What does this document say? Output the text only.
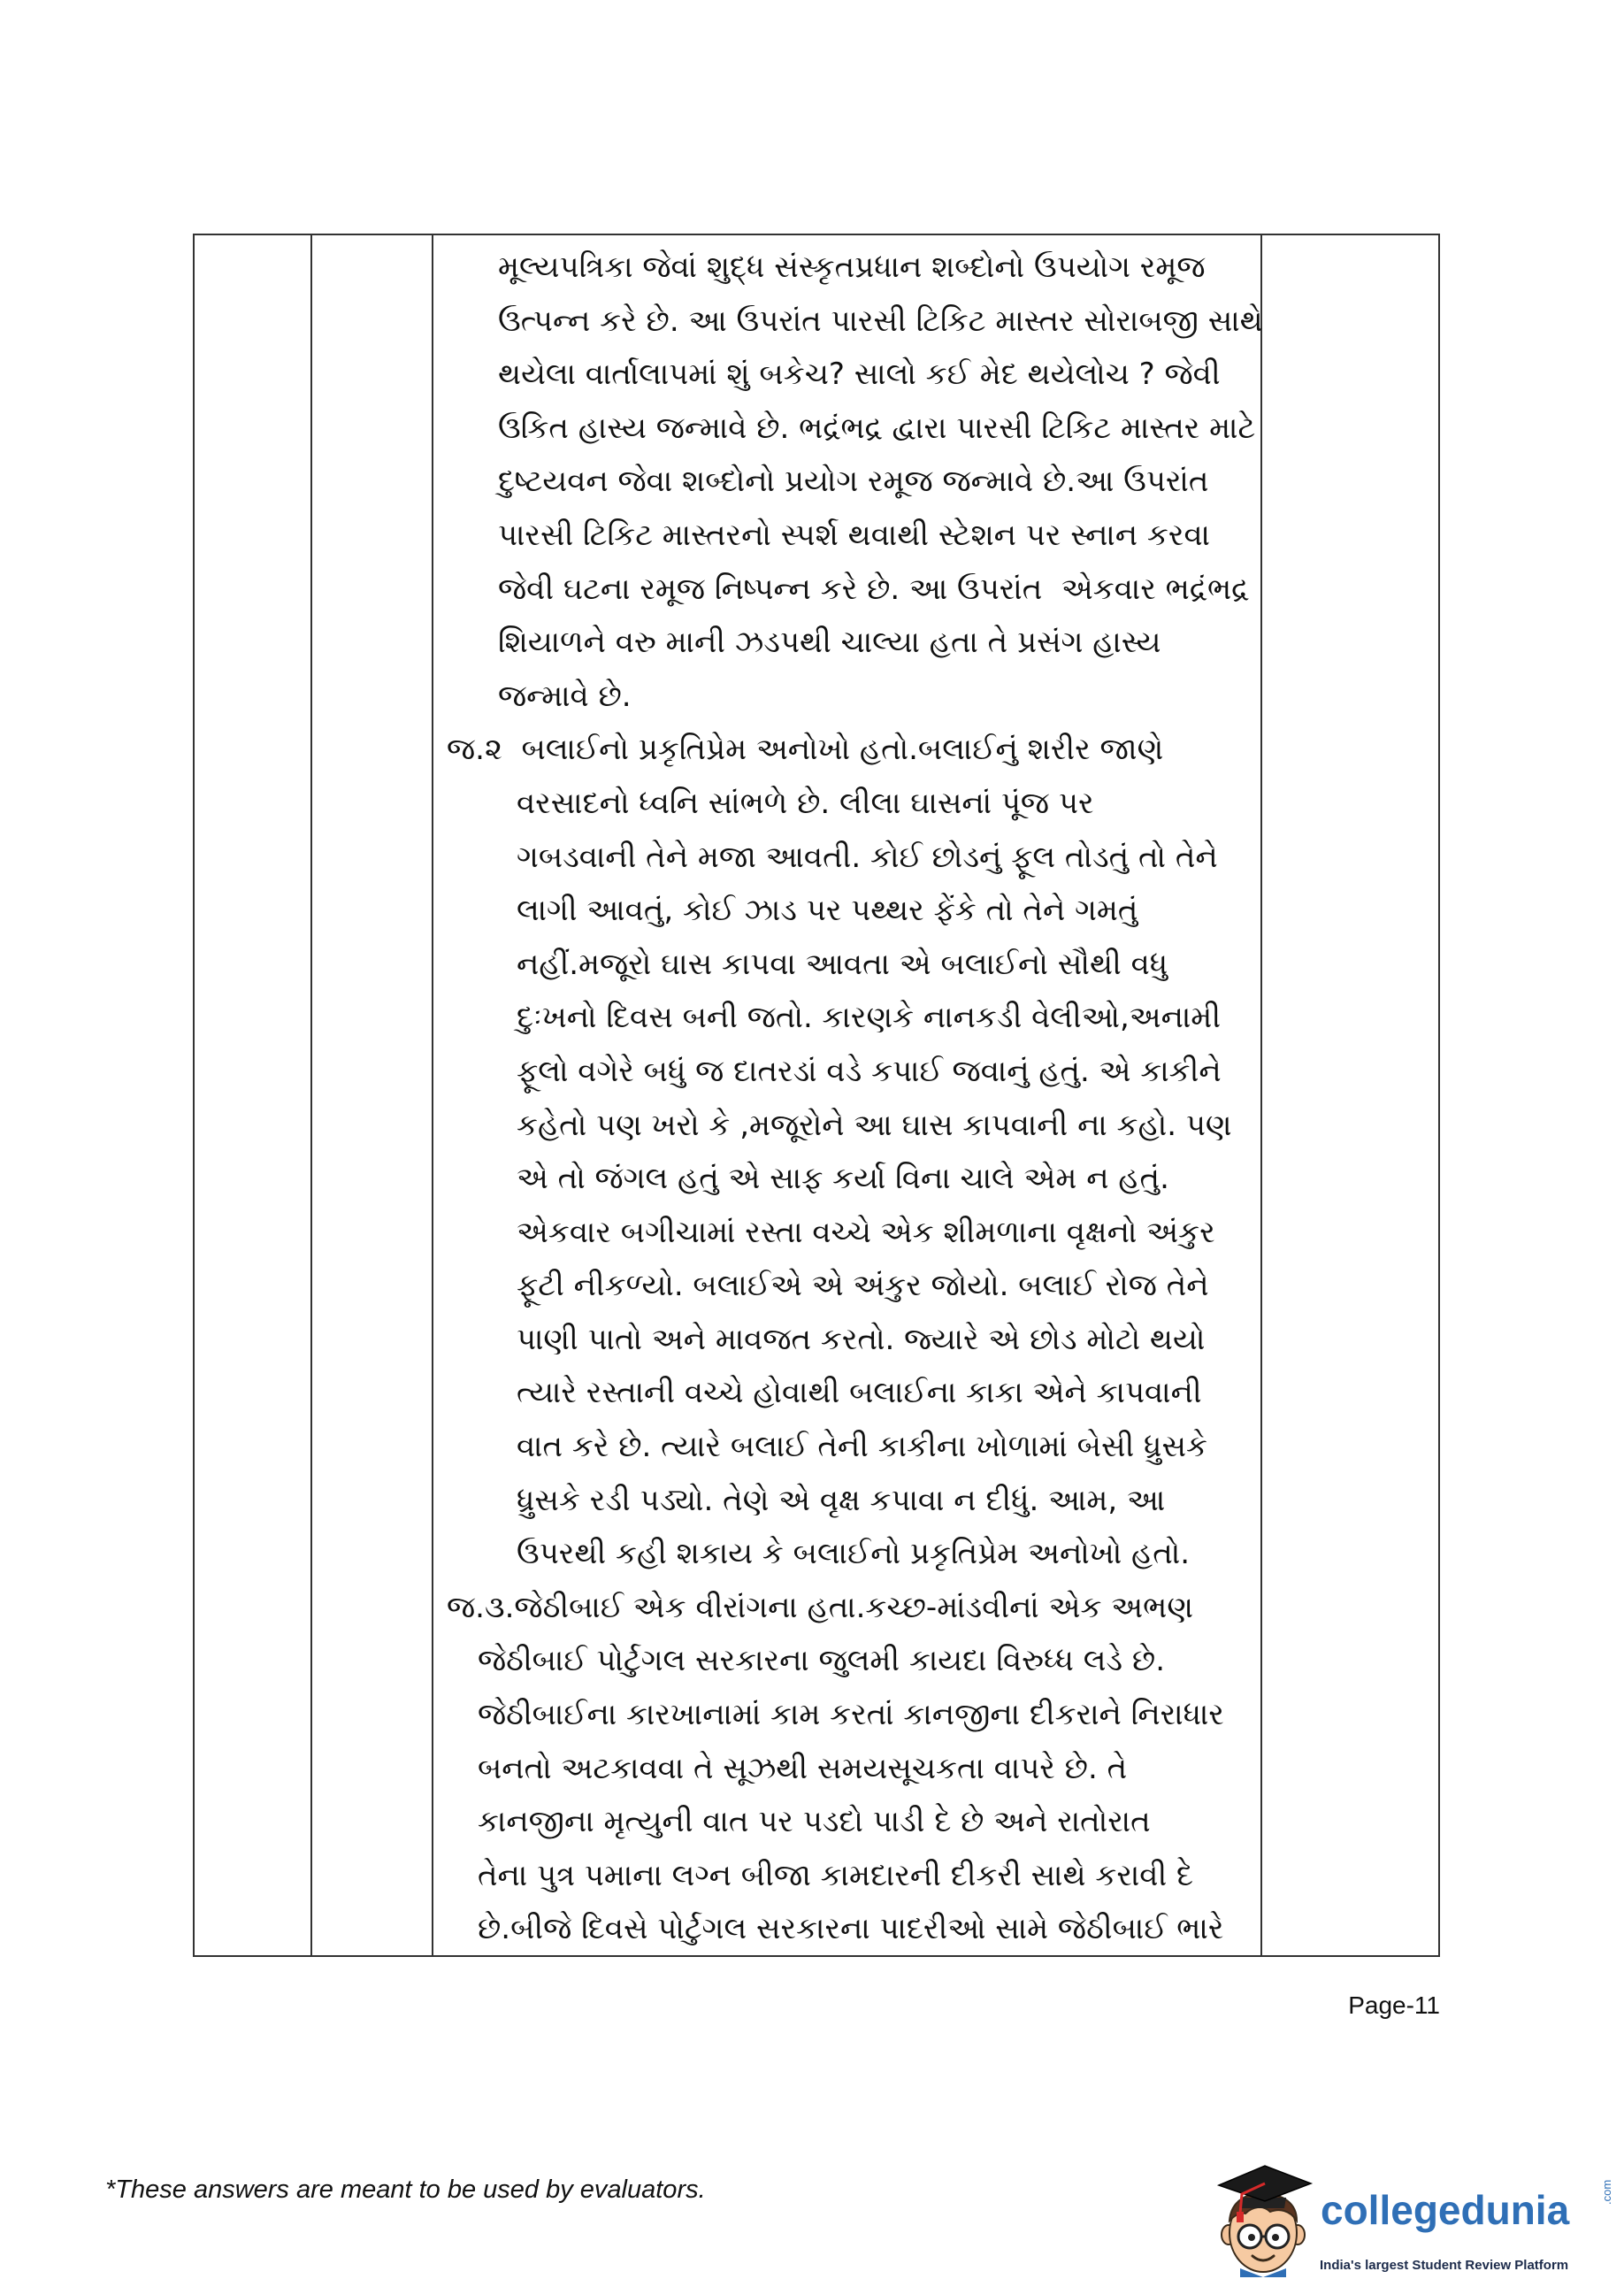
મૂલ્યપત્રિકા જેવાં શુદ્ધ સંસ્કૃતપ્રધાન શબ્દોનો ઉપયોગ રમૂજ
ઉત્પન્ન કરે છે. આ ઉપરાંત પારસી ટિકિટ માસ્તર સોરાબજી સાથે
થયેલા વાર્તાલાપમાં શું બકેચ? સાલો કઈ મેદ થયેલોચ ? જેવી
ઉકિત હાસ્ય જન્માવે છે. ભદ્રંભદ્ર દ્વારા પારસી ટિકિટ માસ્તર માટે
દુષ્ટયવન જેવા શબ્દોનો પ્રયોગ રમૂજ જન્માવે છે.આ ઉપરાંત
પારસી ટિકિટ માસ્તરનો સ્પર્શ થવાથી સ્ટેશન પર સ્નાન કરવા
જેવી ઘટના રમૂજ નિષ્પન્ન કરે છે. આ ઉપરાંત  એકવાર ભદ્રંભદ્ર
શિયાળને વરુ માની ઝડપથી ચાલ્યા હતા તે પ્રસંગ હાસ્ય
જન્માવે છે.
જ.૨  બલાઈનો પ્રકૃતિપ્રેમ અનોખો હતો.બલાઈનું શરીર જાણે
વરસાદનો ધ્વનિ સાંભળે છે. લીલા ઘાસનાં પૂંજ પર
ગબડવાની તેને મજા આવતી. કોઈ છોડનું ફૂલ તોડતું તો તેને
લાગી આવતું, કોઈ ઝાડ પર પથ્થર ફેંકે તો તેને ગમતું
નહીં.મજૂરો ઘાસ કાપવા આવતા એ બલાઈનો સૌથી વધુ
દુઃખનો દિવસ બની જતો. કારણકે નાનકડી વેલીઓ,અનામી
ફૂલો વગેરે બધું જ દાતરડાં વડે કપાઈ જવાનું હતું. એ કાકીને
કહેતો પણ ખરો કે ,મજૂરોને આ ઘાસ કાપવાની ના કહો. પણ
એ તો જંગલ હતું એ સાફ કર્યા વિના ચાલે એમ ન હતું.
એકવાર બગીચામાં રસ્તા વચ્ચે એક શીમળાના વૃક્ષનો અંકુર
ફૂટી નીકળ્યો. બલાઈએ એ અંકુર જોયો. બલાઈ રોજ તેને
પાણી પાતો અને માવજત કરતો. જ્યારે એ છોડ મોટો થયો
ત્યારે રસ્તાની વચ્ચે હોવાથી બલાઈના કાકા એને કાપવાની
વાત કરે છે. ત્યારે બલાઈ તેની કાકીના ખોળામાં બેસી ધ્રુસકે
ધ્રુસકે રડી પડ્યો. તેણે એ વૃક્ષ કપાવા ન દીધું. આમ, આ
ઉપરથી કહી શકાય કે બલાઈનો પ્રકૃતિપ્રેમ અનોખો હતો.
જ.૩.જેઠીબાઈ એક વીરાંગના હતા.કચ્છ-માંડવીનાં એક અભણ
જેઠીબાઈ પોર્ટુગલ સરકારના જુલમી કાયદા વિરુધ્ધ લડે છે.
જેઠીબાઈના કારખાનામાં કામ કરતાં કાનજીના દીકરાને નિરાધાર
બનતો અટકાવવા તે સૂઝથી સમયસૂચકતા વાપરે છે. તે
કાનજીના મૃત્યુની વાત પર પડદો પાડી દે છે અને રાતોરાત
તેના પુત્ર પમાના લગ્ન બીજા કામદારની દીકરી સાથે કરાવી દે
છે.બીજે દિવસે પોર્ટુગલ સરકારના પાદરીઓ સામે જેઠીબાઈ ભારે
Page-11
*These answers are meant to be used by evaluators.	collegedunia	.com
India's largest Student Review Platform
